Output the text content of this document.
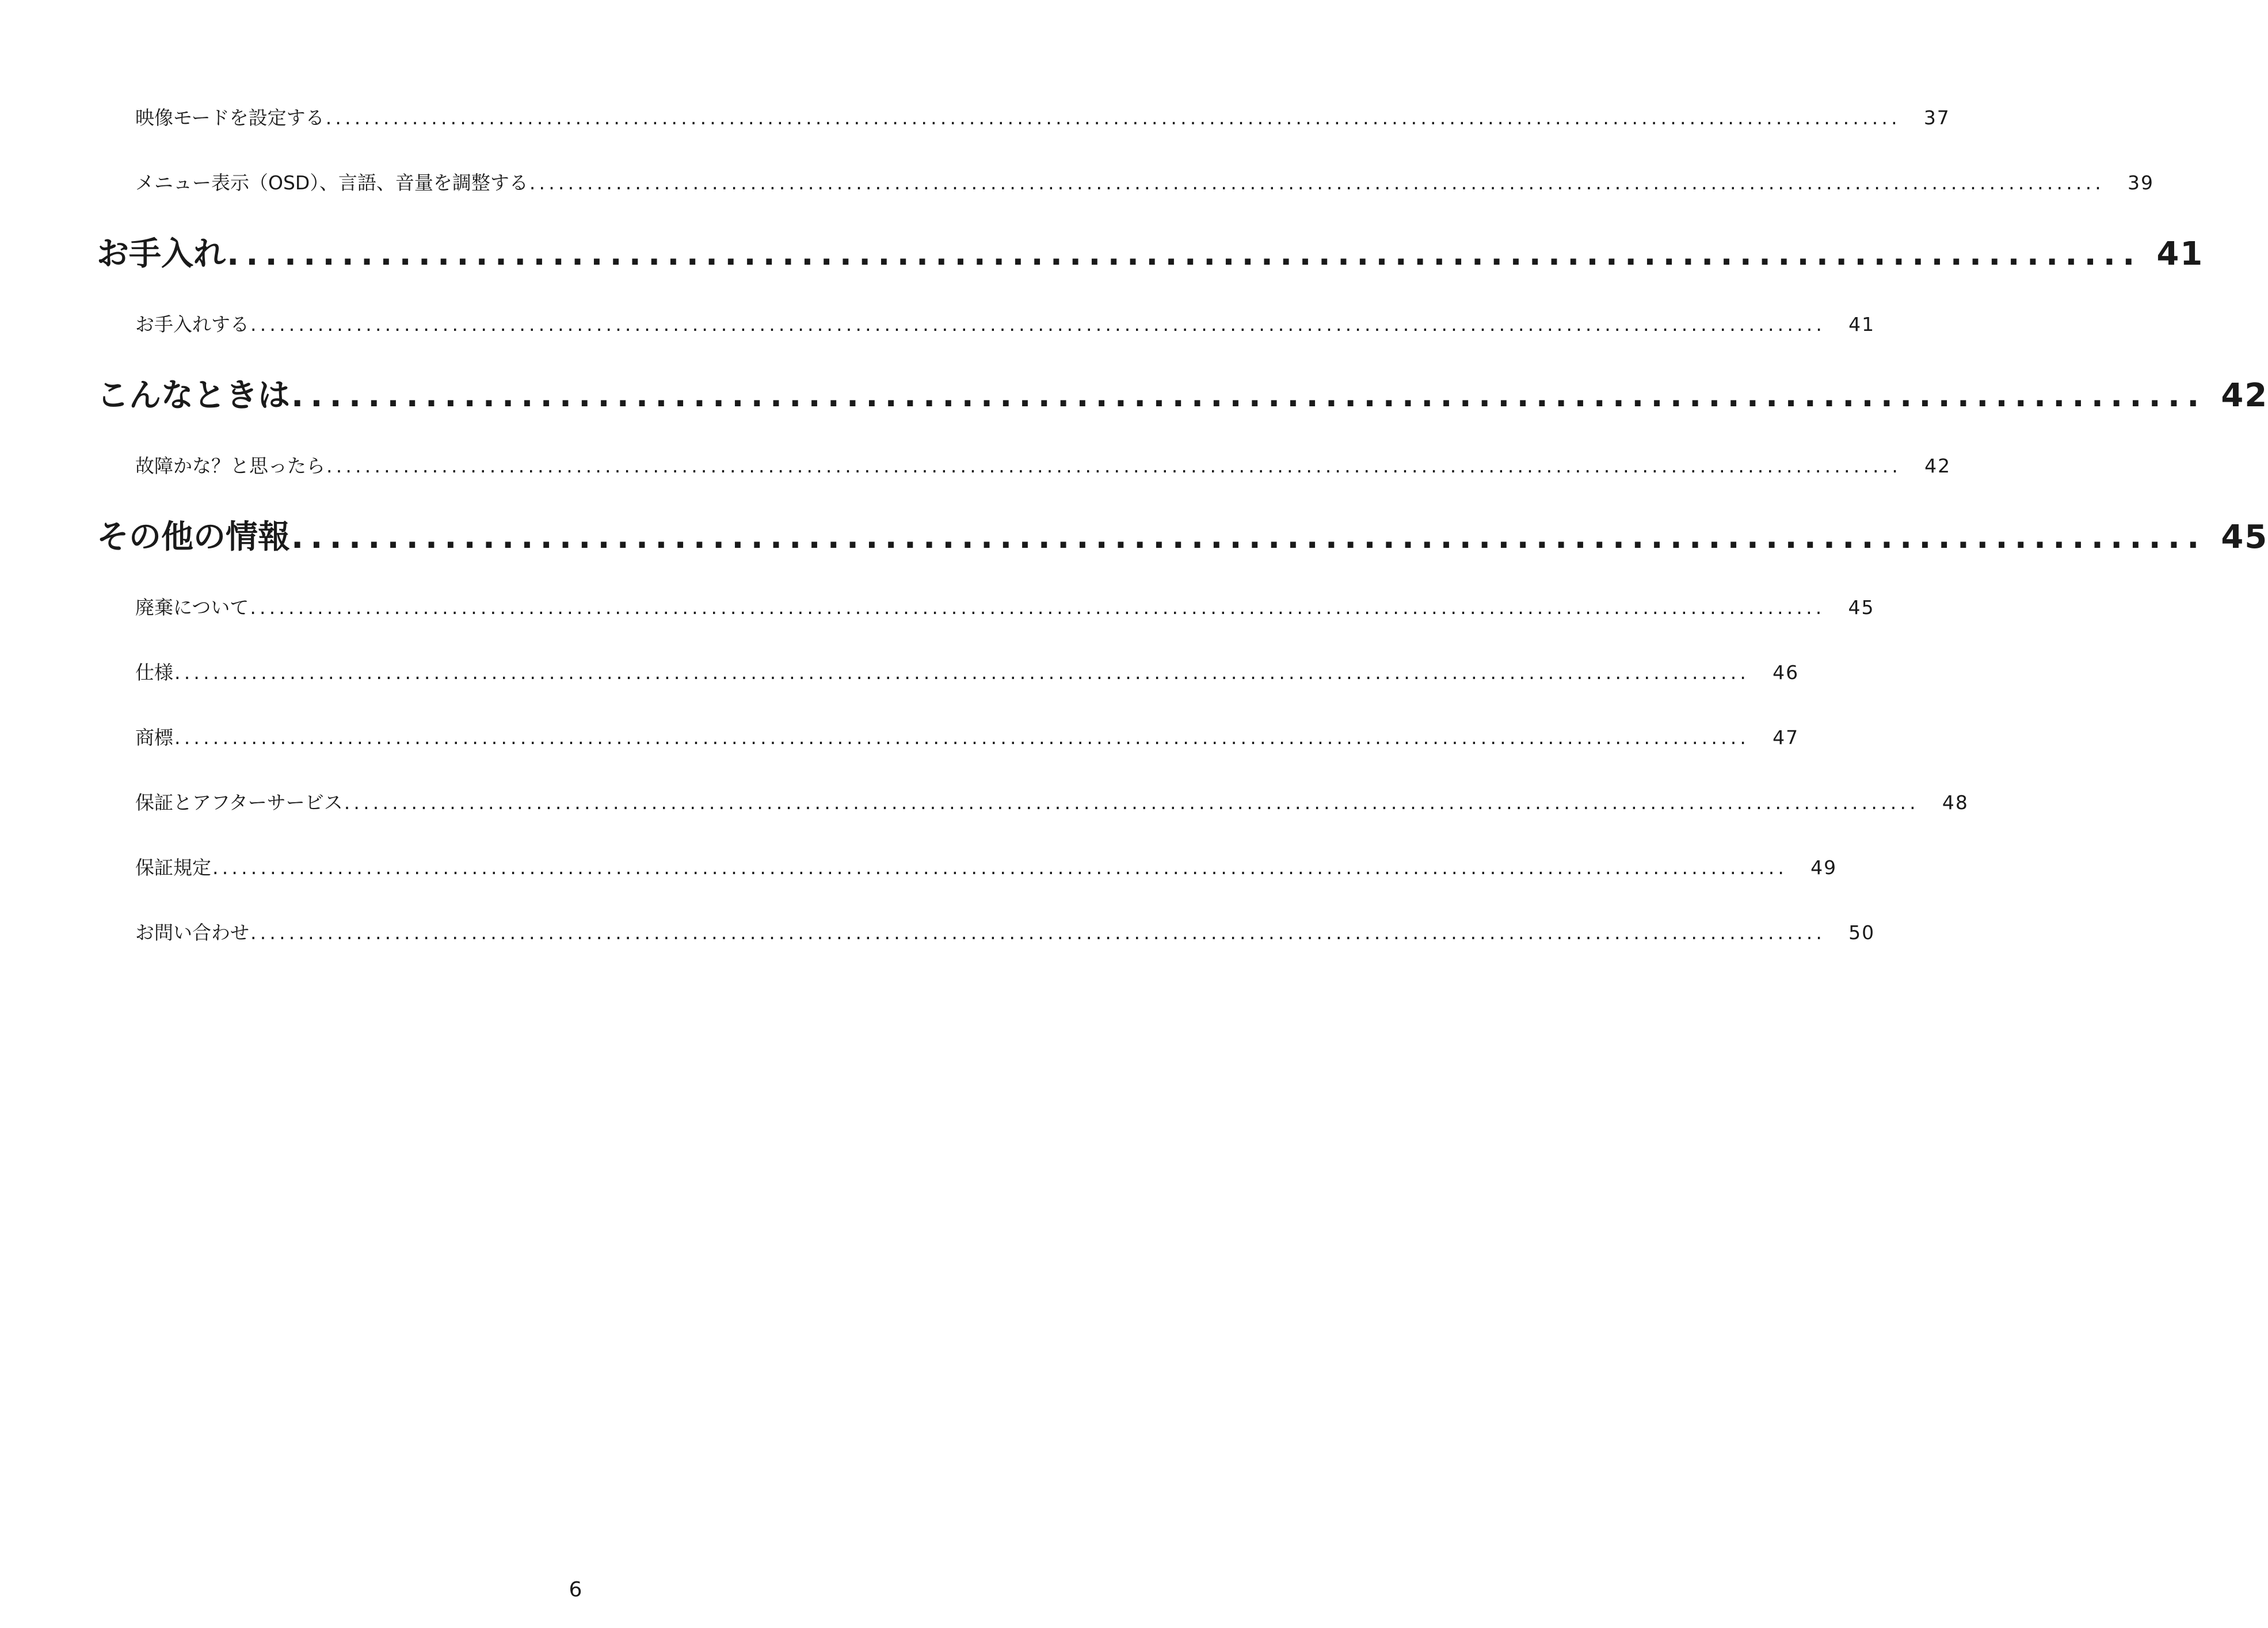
映像モードを設定する ....................................................................................................................................................................	37
メニュー表示（OSD）、言語、音量を調整する ....................................................................................................................................................................	39
お手入れ .................................................................................................... 41
お手入れする ....................................................................................................................................................................	41
こんなときは .................................................................................................... 42
故障かな？と思ったら ....................................................................................................................................................................	42
その他の情報 .................................................................................................... 45
廃棄について ....................................................................................................................................................................	45
仕様 ....................................................................................................................................................................	46
商標 ....................................................................................................................................................................	47
保証とアフターサービス ....................................................................................................................................................................	48
保証規定 ....................................................................................................................................................................	49
お問い合わせ ....................................................................................................................................................................	50
6
